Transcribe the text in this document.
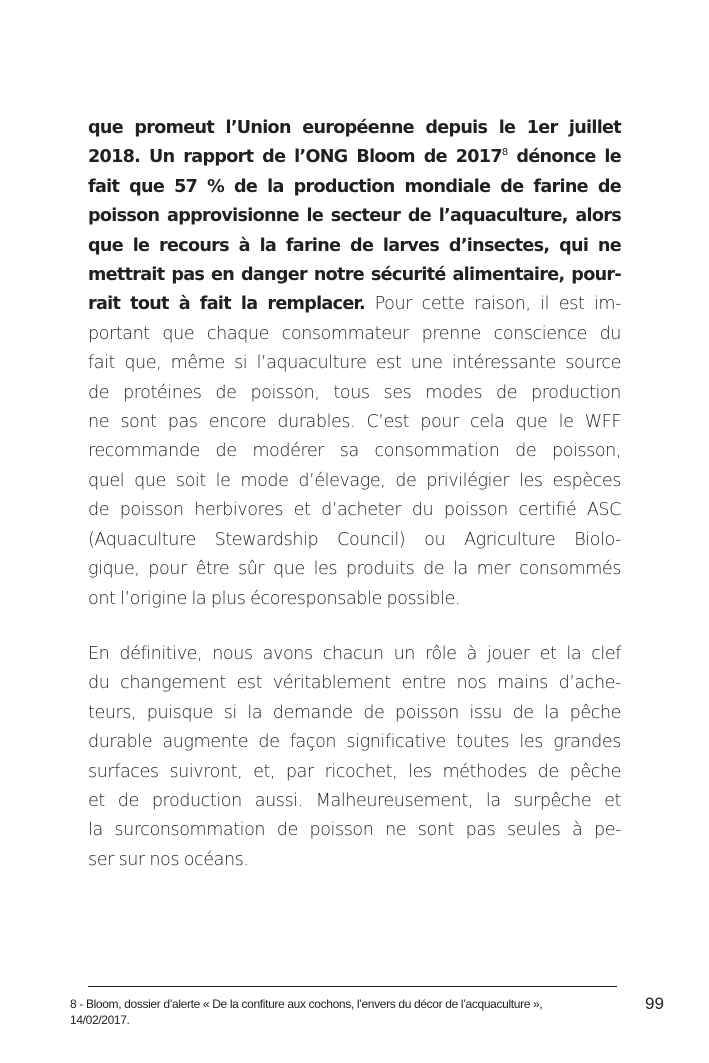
que promeut l’Union européenne depuis le 1er juillet
2018. Un rapport de l’ONG Bloom de 2017$^8$ dénonce le
fait que 57 % de la production mondiale de farine de
poisson approvisionne le secteur de l’aquaculture, alors
que le recours à la farine de larves d’insectes, qui ne
mettrait pas en danger notre sécurité alimentaire, pour-
rait tout à fait la remplacer. Pour cette raison, il est im-
portant que chaque consommateur prenne conscience du
fait que, même si l’aquaculture est une intéressante source
de protéines de poisson, tous ses modes de production
ne sont pas encore durables. C’est pour cela que le WFF
recommande de modérer sa consommation de poisson,
quel que soit le mode d’élevage, de privilégier les espèces
de poisson herbivores et d’acheter du poisson certifié ASC
(Aquaculture Stewardship Council) ou Agriculture Biolo-
gique, pour être sûr que les produits de la mer consommés
ont l’origine la plus écoresponsable possible.
En définitive, nous avons chacun un rôle à jouer et la clef
du changement est véritablement entre nos mains d’ache-
teurs, puisque si la demande de poisson issu de la pêche
durable augmente de façon significative toutes les grandes
surfaces suivront, et, par ricochet, les méthodes de pêche
et de production aussi. Malheureusement, la surpêche et
la surconsommation de poisson ne sont pas seules à pe-
ser sur nos océans.
8 - Bloom, dossier d’alerte « De la confiture aux cochons, l’envers du décor de l’acquaculture »,
14/02/2017.
99
